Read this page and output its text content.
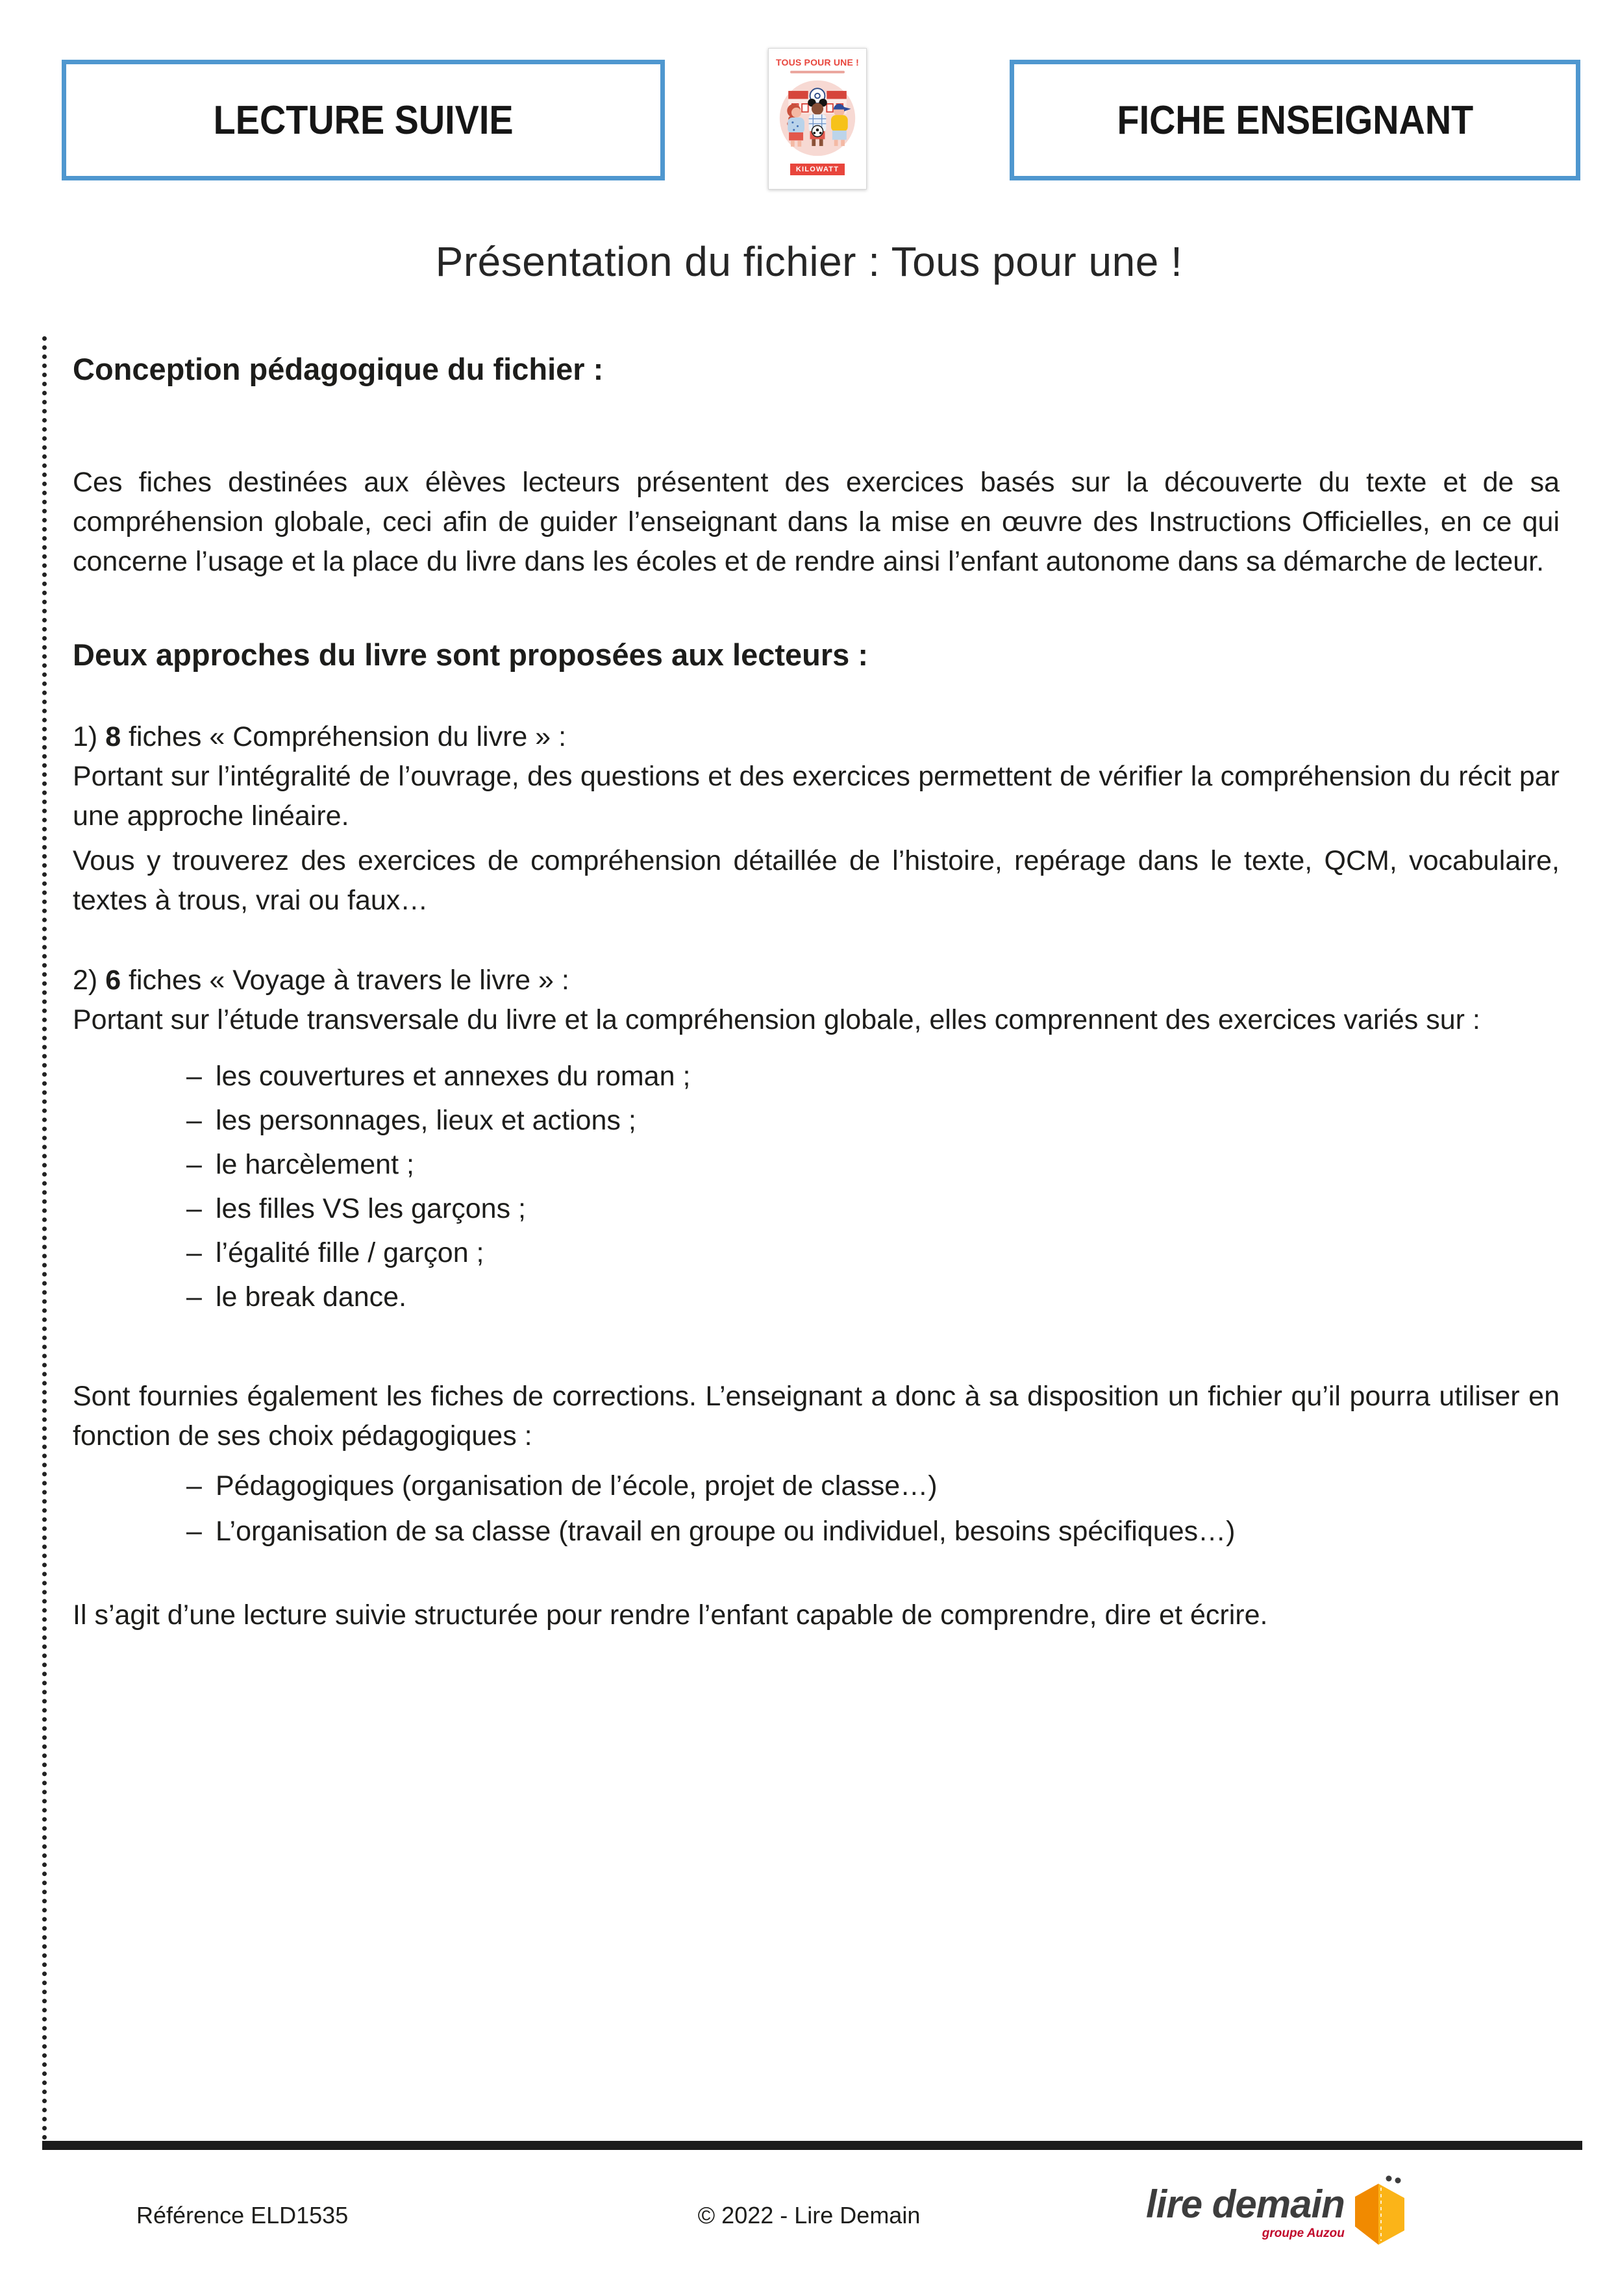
LECTURE SUIVIE
TOUS POUR UNE !
KILOWATT
FICHE ENSEIGNANT
Présentation du fichier : Tous pour une !
Conception pédagogique du fichier :

Ces fiches destinées aux élèves lecteurs présentent des exercices basés sur la découverte du texte et de sa compréhension globale, ceci afin de guider l’enseignant dans la mise en œuvre des Instructions Officielles, en ce qui concerne l’usage et la place du livre dans les écoles et de rendre ainsi l’enfant autonome dans sa démarche de lecteur.

Deux approches du livre sont proposées aux lecteurs :

1) 8 fiches « Compréhension du livre » :

Portant sur l’intégralité de l’ouvrage, des questions et des exercices permettent de vérifier la compréhension du récit par une approche linéaire.

Vous y trouverez des exercices de compréhension détaillée de l’histoire, repérage dans le texte, QCM, vocabulaire, textes à trous, vrai ou faux…

2) 6 fiches « Voyage à travers le livre » :

Portant sur l’étude transversale du livre et la compréhension globale, elles comprennent des exercices variés sur :

– les couvertures et annexes du roman ;
– les personnages, lieux et actions ;
– le harcèlement ;
– les filles VS les garçons ;
– l’égalité fille / garçon ;
– le break dance.

Sont fournies également les fiches de corrections. L’enseignant a donc à sa disposition un fichier qu’il pourra utiliser en fonction de ses choix pédagogiques :

– Pédagogiques (organisation de l’école, projet de classe…)
– L’organisation de sa classe (travail en groupe ou individuel, besoins spécifiques…)

Il s’agit d’une lecture suivie structurée pour rendre l’enfant capable de comprendre, dire et écrire.

Référence ELD1535	© 2022 - Lire Demain	lire demain
groupe Auzou
